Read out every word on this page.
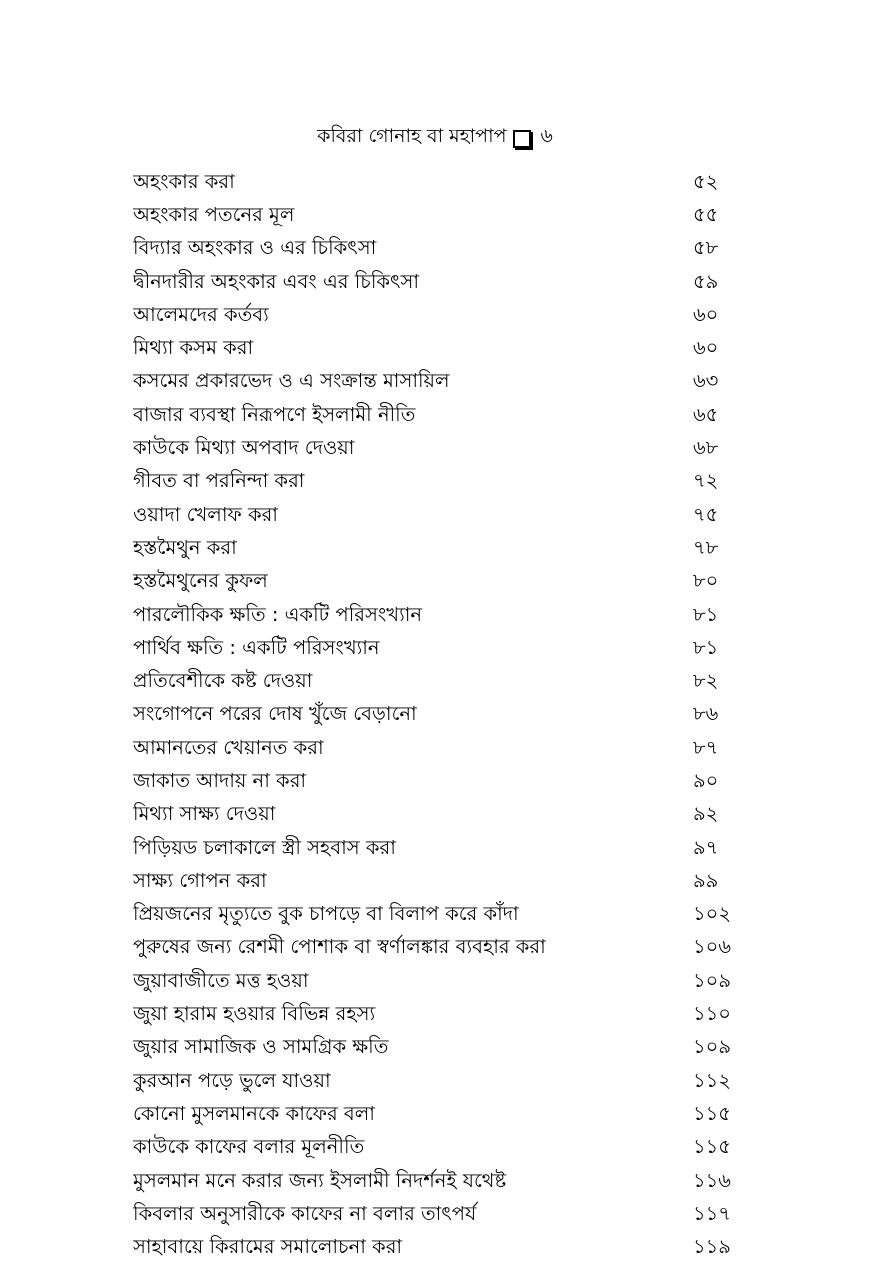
কবিরা গোনাহ বা মহাপাপ ৬
অহংকার করা	৫২
অহংকার পতনের মূল	৫৫
বিদ্যার অহংকার ও এর চিকিৎসা	৫৮
দ্বীনদারীর অহংকার এবং এর চিকিৎসা	৫৯
আলেমদের কর্তব্য	৬০
মিথ্যা কসম করা	৬০
কসমের প্রকারভেদ ও এ সংক্রান্ত মাসায়িল	৬৩
বাজার ব্যবস্থা নিরূপণে ইসলামী নীতি	৬৫
কাউকে মিথ্যা অপবাদ দেওয়া	৬৮
গীবত বা পরনিন্দা করা	৭২
ওয়াদা খেলাফ করা	৭৫
হস্তমৈথুন করা	৭৮
হস্তমৈথুনের কুফল	৮০
পারলৌকিক ক্ষতি : একটি পরিসংখ্যান	৮১
পার্থিব ক্ষতি : একটি পরিসংখ্যান	৮১
প্রতিবেশীকে কষ্ট দেওয়া	৮২
সংগোপনে পরের দোষ খুঁজে বেড়ানো	৮৬
আমানতের খেয়ানত করা	৮৭
জাকাত আদায় না করা	৯০
মিথ্যা সাক্ষ্য দেওয়া	৯২
পিড়িয়ড চলাকালে স্ত্রী সহবাস করা	৯৭
সাক্ষ্য গোপন করা	৯৯
প্রিয়জনের মৃত্যুতে বুক চাপড়ে বা বিলাপ করে কাঁদা	১০২
পুরুষের জন্য রেশমী পোশাক বা স্বর্ণালঙ্কার ব্যবহার করা	১০৬
জুয়াবাজীতে মত্ত হওয়া	১০৯
জুয়া হারাম হওয়ার বিভিন্ন রহস্য	১১০
জুয়ার সামাজিক ও সামগ্রিক ক্ষতি	১০৯
কুরআন পড়ে ভুলে যাওয়া	১১২
কোনো মুসলমানকে কাফের বলা	১১৫
কাউকে কাফের বলার মূলনীতি	১১৫
মুসলমান মনে করার জন্য ইসলামী নিদর্শনই যথেষ্ট	১১৬
কিবলার অনুসারীকে কাফের না বলার তাৎপর্য	১১৭
সাহাবায়ে কিরামের সমালোচনা করা	১১৯
